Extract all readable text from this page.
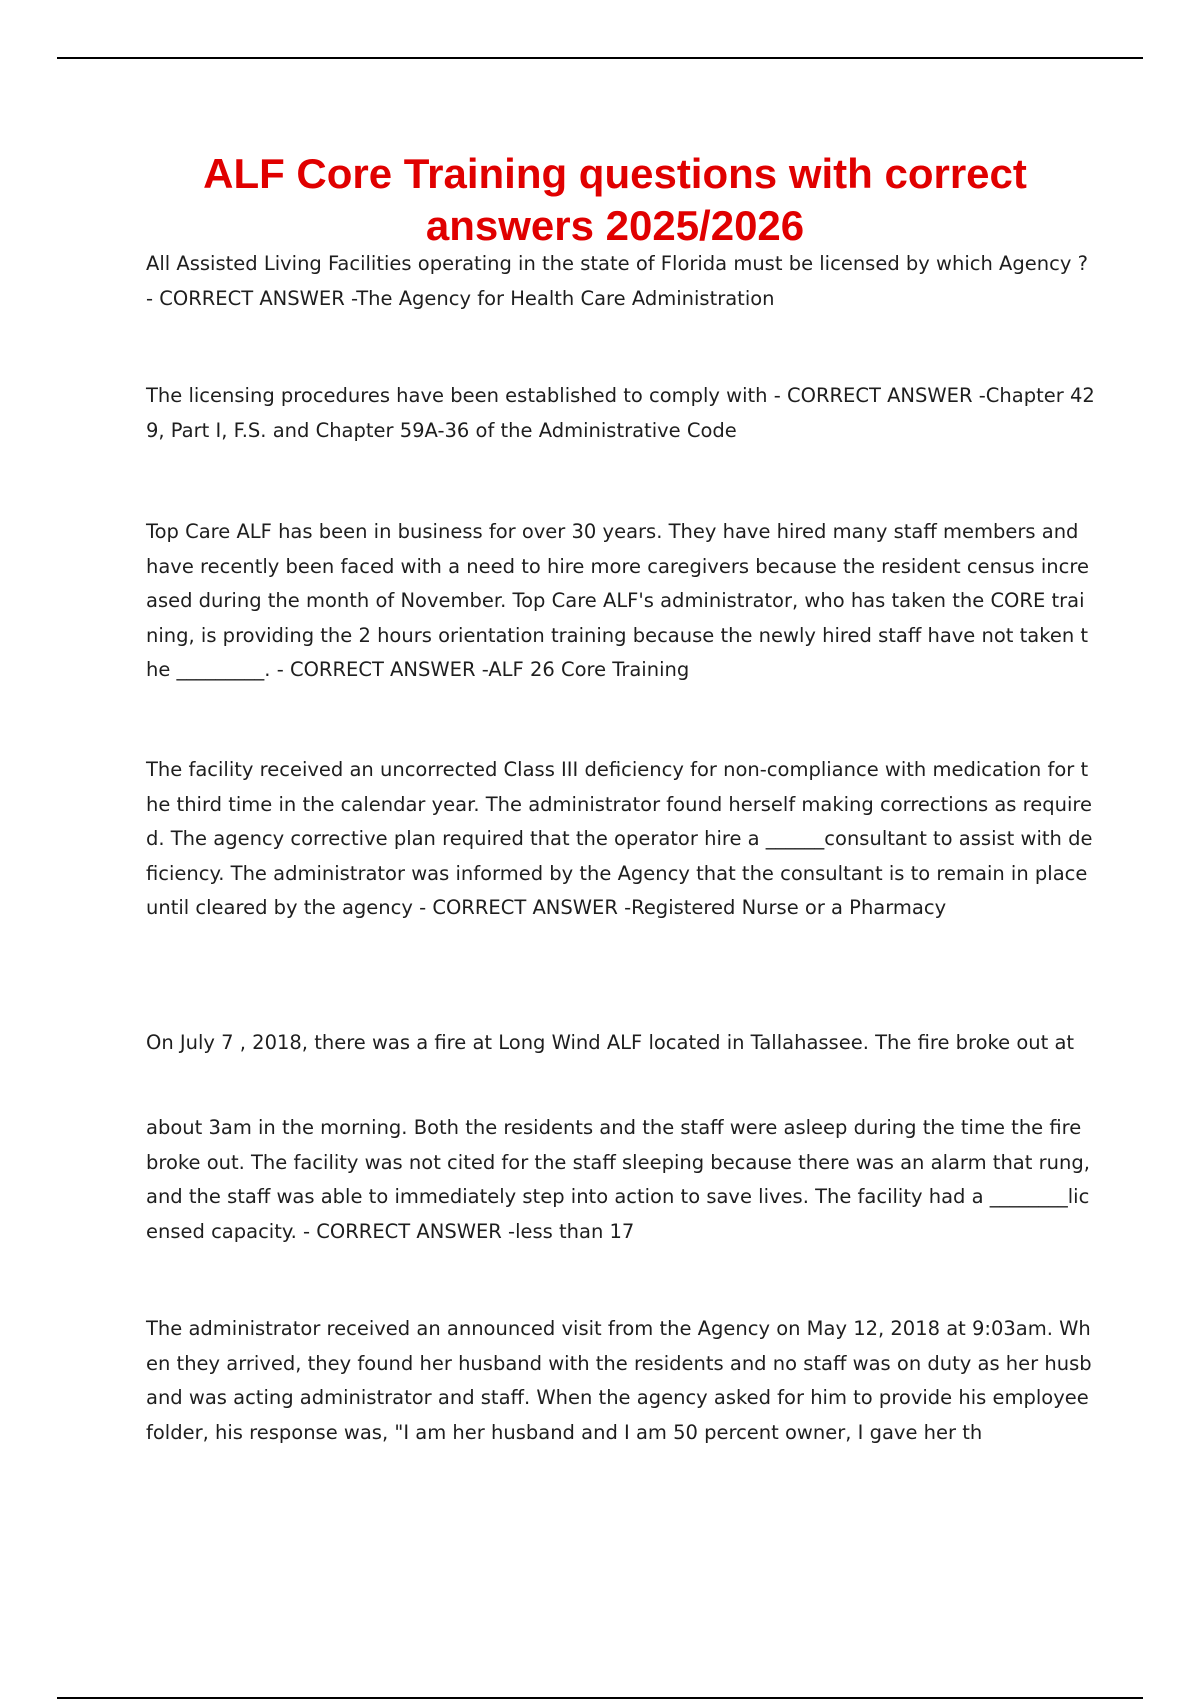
ALF Core Training questions with correct answers 2025/2026

All Assisted Living Facilities operating in the state of Florida must be licensed by which Agency ? - CORRECT ANSWER -The Agency for Health Care Administration

The licensing procedures have been established to comply with - CORRECT ANSWER -Chapter 429, Part I, F.S. and Chapter 59A-36 of the Administrative Code

Top Care ALF has been in business for over 30 years. They have hired many staff members and have recently been faced with a need to hire more caregivers because the resident census increased during the month of November. Top Care ALF's administrator, who has taken the CORE training, is providing the 2 hours orientation training because the newly hired staff have not taken the _________. - CORRECT ANSWER -ALF 26 Core Training

The facility received an uncorrected Class III deficiency for non-compliance with medication for the third time in the calendar year. The administrator found herself making corrections as required. The agency corrective plan required that the operator hire a ______consultant to assist with deficiency. The administrator was informed by the Agency that the consultant is to remain in place until cleared by the agency - CORRECT ANSWER -Registered Nurse or a Pharmacy

On July 7 , 2018, there was a fire at Long Wind ALF located in Tallahassee. The fire broke out at

about 3am in the morning. Both the residents and the staff were asleep during the time the fire broke out. The facility was not cited for the staff sleeping because there was an alarm that rung, and the staff was able to immediately step into action to save lives. The facility had a ________licensed capacity. - CORRECT ANSWER -less than 17

The administrator received an announced visit from the Agency on May 12, 2018 at 9:03am. When they arrived, they found her husband with the residents and no staff was on duty as her husband was acting administrator and staff. When the agency asked for him to provide his employee folder, his response was, "I am her husband and I am 50 percent owner, I gave her th
